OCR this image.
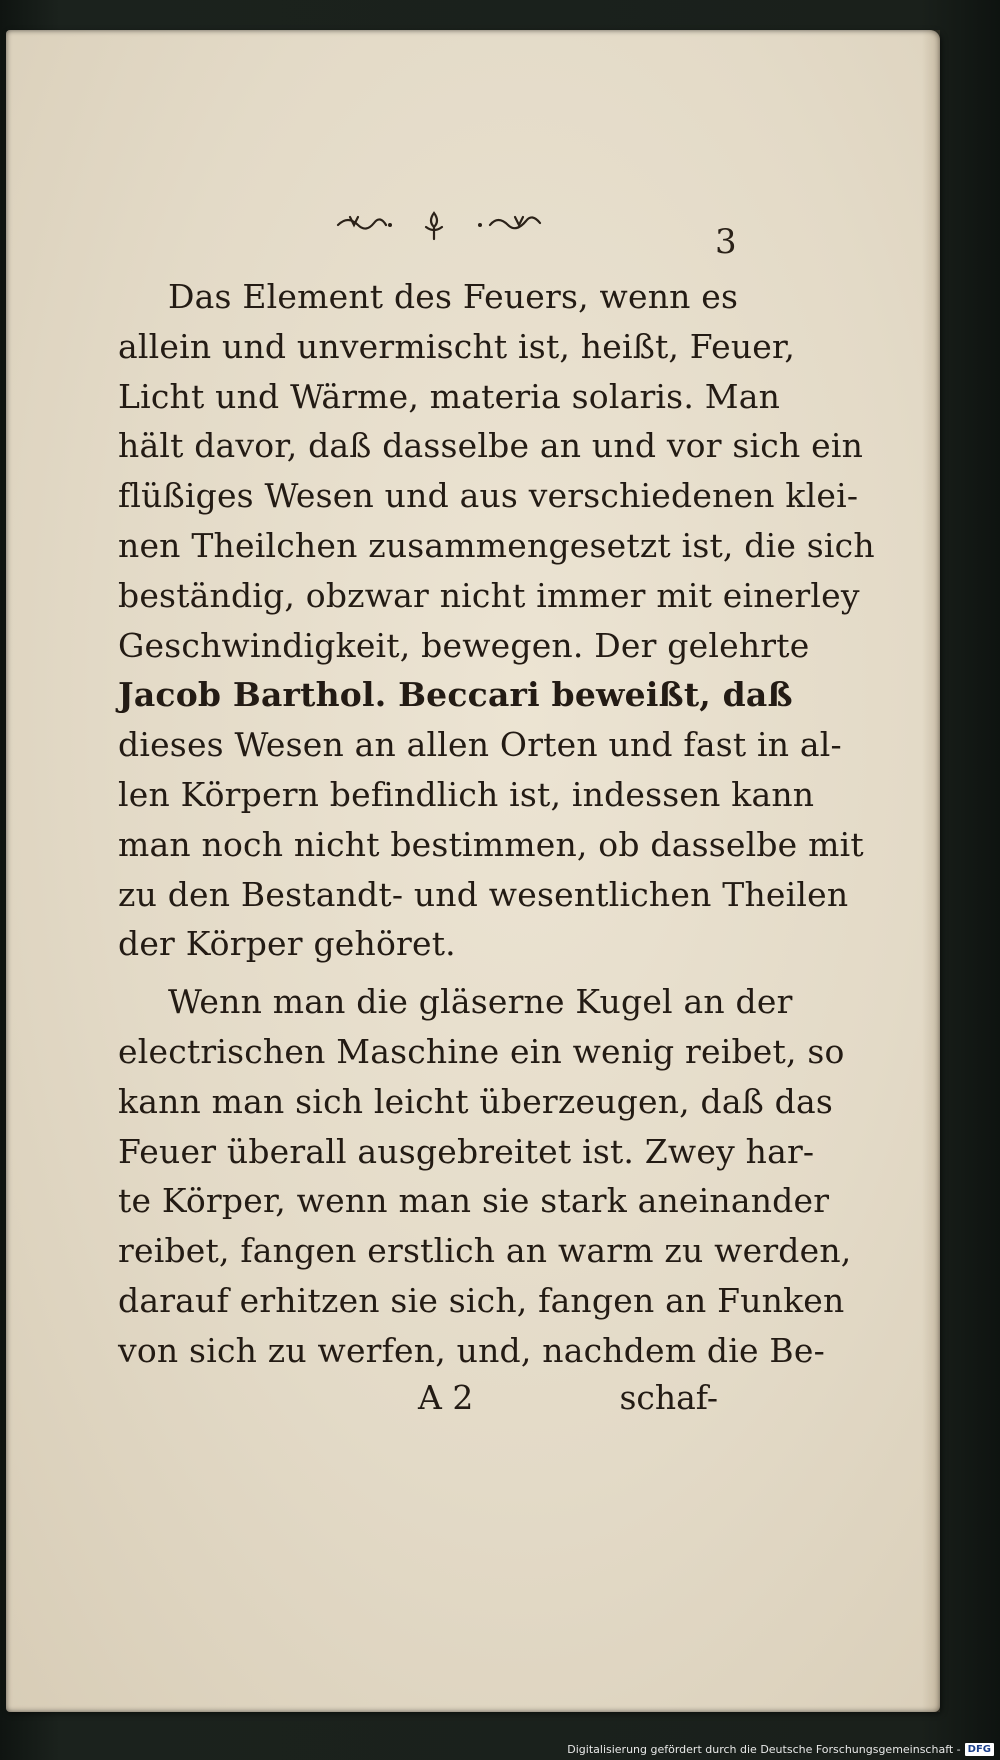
3
Das Element des Feuers, wenn es
allein und unvermischt ist, heißt, Feuer,
Licht und Wärme, materia solaris. Man
hält davor, daß dasselbe an und vor sich ein
flüßiges Wesen und aus verschiedenen klei-
nen Theilchen zusammengesetzt ist, die sich
beständig, obzwar nicht immer mit einerley
Geschwindigkeit, bewegen. Der gelehrte
Jacob Barthol. Beccari beweißt, daß
dieses Wesen an allen Orten und fast in al-
len Körpern befindlich ist, indessen kann
man noch nicht bestimmen, ob dasselbe mit
zu den Bestandt- und wesentlichen Theilen
der Körper gehöret.
Wenn man die gläserne Kugel an der
electrischen Maschine ein wenig reibet, so
kann man sich leicht überzeugen, daß das
Feuer überall ausgebreitet ist. Zwey har-
te Körper, wenn man sie stark aneinander
reibet, fangen erstlich an warm zu werden,
darauf erhitzen sie sich, fangen an Funken
von sich zu werfen, und, nachdem die Be-
A 2	schaf-
Digitalisierung gefördert durch die Deutsche Forschungsgemeinschaft - DFG
